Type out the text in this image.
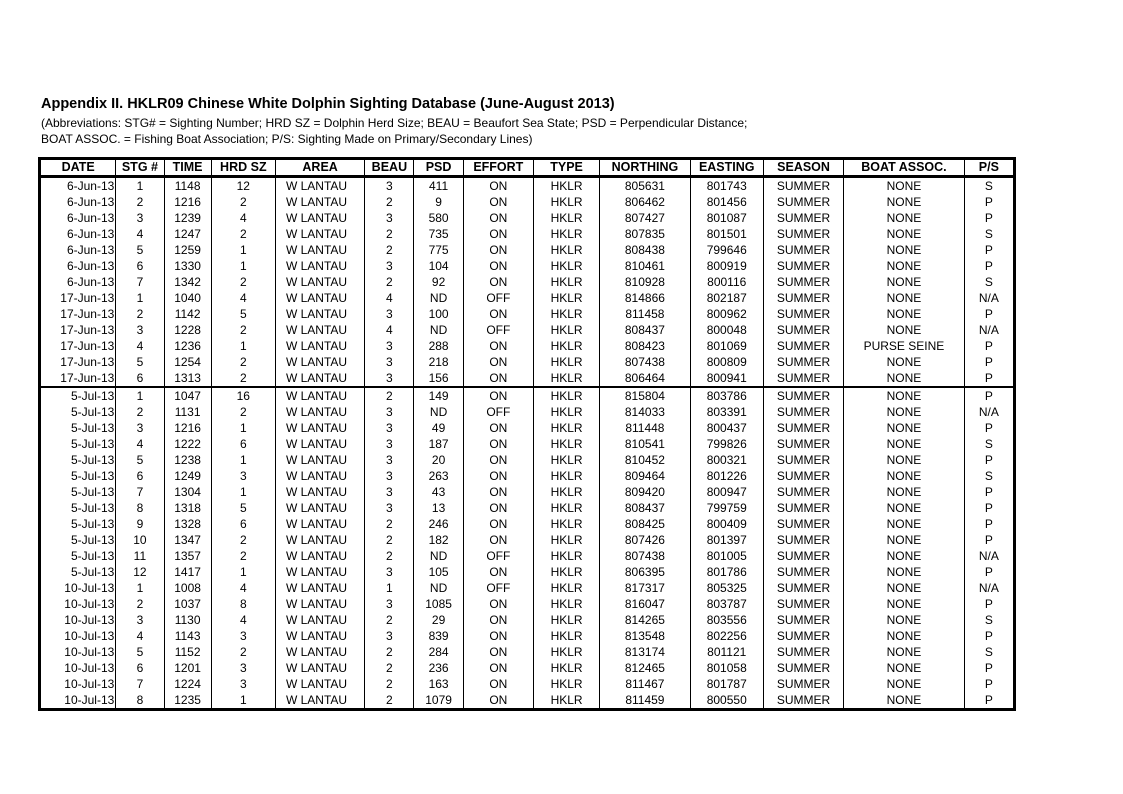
Appendix II. HKLR09 Chinese White Dolphin Sighting Database (June-August 2013)
(Abbreviations: STG# = Sighting Number; HRD SZ = Dolphin Herd Size; BEAU = Beaufort Sea State; PSD = Perpendicular Distance;
BOAT ASSOC. = Fishing Boat Association; P/S: Sighting Made on Primary/Secondary Lines)
DATE	STG #	TIME	HRD SZ	AREA	BEAU	PSD	EFFORT	TYPE	NORTHING	EASTING	SEASON	BOAT ASSOC.	P/S
6-Jun-13	1	1148	12	W LANTAU	3	411	ON	HKLR	805631	801743	SUMMER	NONE	S
6-Jun-13	2	1216	2	W LANTAU	2	9	ON	HKLR	806462	801456	SUMMER	NONE	P
6-Jun-13	3	1239	4	W LANTAU	3	580	ON	HKLR	807427	801087	SUMMER	NONE	P
6-Jun-13	4	1247	2	W LANTAU	2	735	ON	HKLR	807835	801501	SUMMER	NONE	S
6-Jun-13	5	1259	1	W LANTAU	2	775	ON	HKLR	808438	799646	SUMMER	NONE	P
6-Jun-13	6	1330	1	W LANTAU	3	104	ON	HKLR	810461	800919	SUMMER	NONE	P
6-Jun-13	7	1342	2	W LANTAU	2	92	ON	HKLR	810928	800116	SUMMER	NONE	S
17-Jun-13	1	1040	4	W LANTAU	4	ND	OFF	HKLR	814866	802187	SUMMER	NONE	N/A
17-Jun-13	2	1142	5	W LANTAU	3	100	ON	HKLR	811458	800962	SUMMER	NONE	P
17-Jun-13	3	1228	2	W LANTAU	4	ND	OFF	HKLR	808437	800048	SUMMER	NONE	N/A
17-Jun-13	4	1236	1	W LANTAU	3	288	ON	HKLR	808423	801069	SUMMER	PURSE SEINE	P
17-Jun-13	5	1254	2	W LANTAU	3	218	ON	HKLR	807438	800809	SUMMER	NONE	P
17-Jun-13	6	1313	2	W LANTAU	3	156	ON	HKLR	806464	800941	SUMMER	NONE	P
5-Jul-13	1	1047	16	W LANTAU	2	149	ON	HKLR	815804	803786	SUMMER	NONE	P
5-Jul-13	2	1131	2	W LANTAU	3	ND	OFF	HKLR	814033	803391	SUMMER	NONE	N/A
5-Jul-13	3	1216	1	W LANTAU	3	49	ON	HKLR	811448	800437	SUMMER	NONE	P
5-Jul-13	4	1222	6	W LANTAU	3	187	ON	HKLR	810541	799826	SUMMER	NONE	S
5-Jul-13	5	1238	1	W LANTAU	3	20	ON	HKLR	810452	800321	SUMMER	NONE	P
5-Jul-13	6	1249	3	W LANTAU	3	263	ON	HKLR	809464	801226	SUMMER	NONE	S
5-Jul-13	7	1304	1	W LANTAU	3	43	ON	HKLR	809420	800947	SUMMER	NONE	P
5-Jul-13	8	1318	5	W LANTAU	3	13	ON	HKLR	808437	799759	SUMMER	NONE	P
5-Jul-13	9	1328	6	W LANTAU	2	246	ON	HKLR	808425	800409	SUMMER	NONE	P
5-Jul-13	10	1347	2	W LANTAU	2	182	ON	HKLR	807426	801397	SUMMER	NONE	P
5-Jul-13	11	1357	2	W LANTAU	2	ND	OFF	HKLR	807438	801005	SUMMER	NONE	N/A
5-Jul-13	12	1417	1	W LANTAU	3	105	ON	HKLR	806395	801786	SUMMER	NONE	P
10-Jul-13	1	1008	4	W LANTAU	1	ND	OFF	HKLR	817317	805325	SUMMER	NONE	N/A
10-Jul-13	2	1037	8	W LANTAU	3	1085	ON	HKLR	816047	803787	SUMMER	NONE	P
10-Jul-13	3	1130	4	W LANTAU	2	29	ON	HKLR	814265	803556	SUMMER	NONE	S
10-Jul-13	4	1143	3	W LANTAU	3	839	ON	HKLR	813548	802256	SUMMER	NONE	P
10-Jul-13	5	1152	2	W LANTAU	2	284	ON	HKLR	813174	801121	SUMMER	NONE	S
10-Jul-13	6	1201	3	W LANTAU	2	236	ON	HKLR	812465	801058	SUMMER	NONE	P
10-Jul-13	7	1224	3	W LANTAU	2	163	ON	HKLR	811467	801787	SUMMER	NONE	P
10-Jul-13	8	1235	1	W LANTAU	2	1079	ON	HKLR	811459	800550	SUMMER	NONE	P
